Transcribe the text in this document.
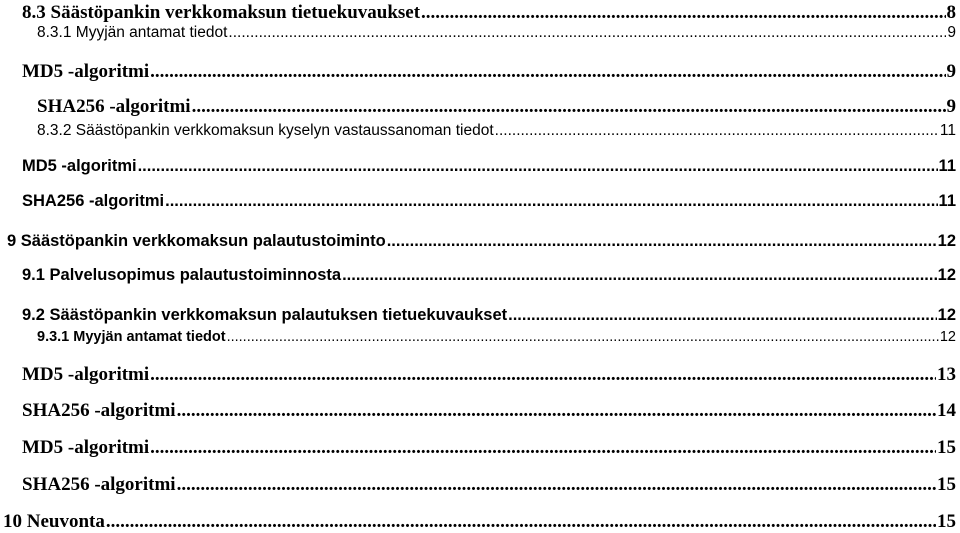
8.3 Säästöpankin verkkomaksun tietuekuvaukset .....	8
8.3.1 Myyjän antamat tiedot .....	9
MD5 -algoritmi .....	9
SHA256 -algoritmi .....	9
8.3.2 Säästöpankin verkkomaksun kyselyn vastaussanoman tiedot .....	11
MD5 -algoritmi .....	11
SHA256 -algoritmi .....	11
9 Säästöpankin verkkomaksun palautustoiminto .....	12
9.1 Palvelusopimus palautustoiminnosta .....	12
9.2 Säästöpankin verkkomaksun palautuksen tietuekuvaukset .....	12
9.3.1 Myyjän antamat tiedot .....	12
MD5 -algoritmi .....	13
SHA256 -algoritmi .....	14
MD5 -algoritmi .....	15
SHA256 -algoritmi .....	15
10 Neuvonta .....	15
